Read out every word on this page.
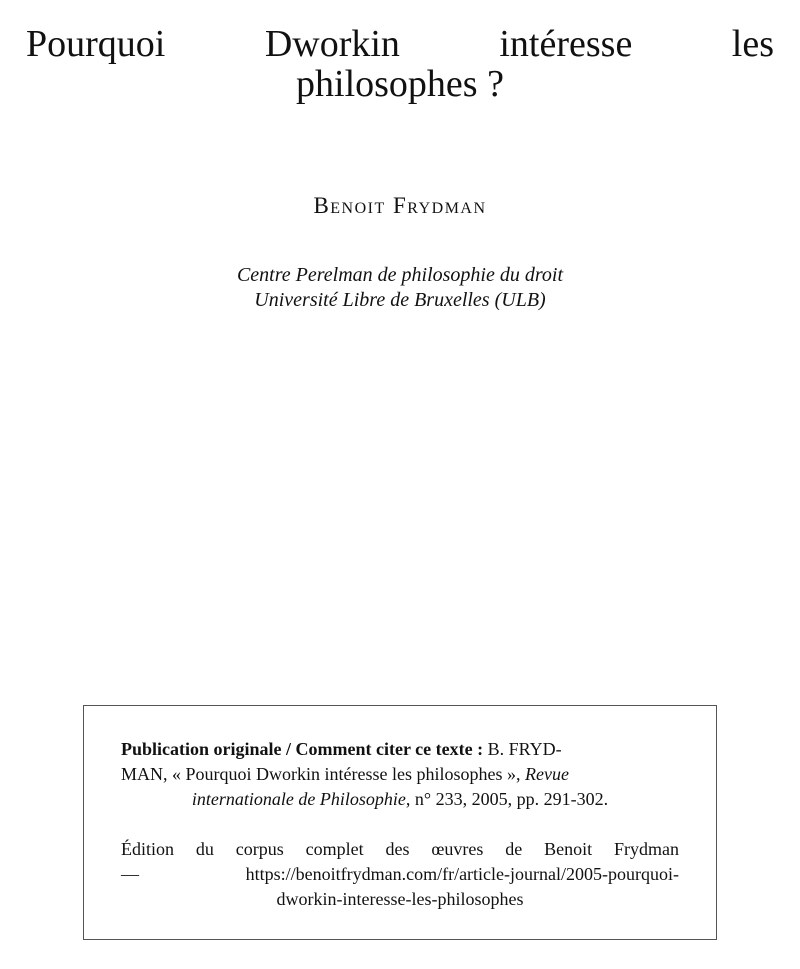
Pourquoi	Dworkin	intéresse	les
philosophes ?
Benoit Frydman
Centre Perelman de philosophie du droit
Université Libre de Bruxelles (ULB)

Publication originale / Comment citer ce texte : B. FRYD-
MAN, « Pourquoi Dworkin intéresse les philosophes », Revue
internationale de Philosophie, n° 233, 2005, pp. 291-302.

Édition du corpus complet des œuvres de Benoit Frydman
— https://benoitfrydman.com/fr/article-journal/2005-pourquoi-
dworkin-interesse-les-philosophes
